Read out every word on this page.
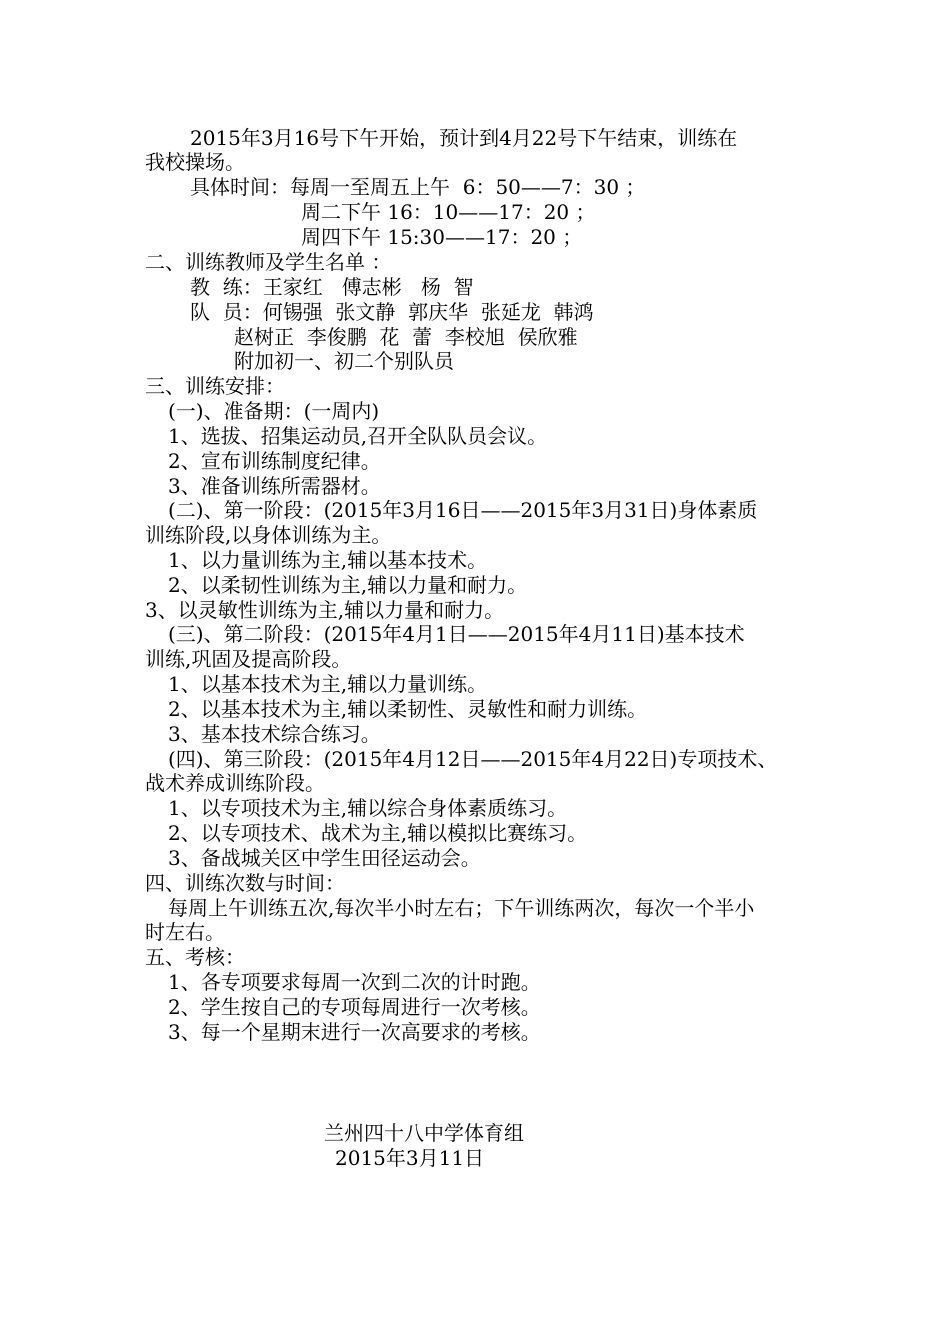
2015年3月16号下午开始，预计到4月22号下午结束，训练在
我校操场。
具体时间：每周一至周五上午  6：50——7：30 ；
周二下午 16：10——17：20 ；
周四下午 15:30——17：20 ；
二、训练教师及学生名单 ：
教  练：王家红   傅志彬   杨  智
队  员：何锡强  张文静  郭庆华  张延龙  韩鸿
赵树正  李俊鹏  花  蕾  李校旭  侯欣雅
附加初一、初二个别队员
三、训练安排：
(一)、准备期：(一周内)
1、选拔、招集运动员,召开全队队员会议。
2、宣布训练制度纪律。
3、准备训练所需器材。
(二)、第一阶段：(2015年3月16日——2015年3月31日)身体素质
训练阶段,以身体训练为主。
1、以力量训练为主,辅以基本技术。
2、以柔韧性训练为主,辅以力量和耐力。
3、以灵敏性训练为主,辅以力量和耐力。
(三)、第二阶段：(2015年4月1日——2015年4月11日)基本技术
训练,巩固及提高阶段。
1、以基本技术为主,辅以力量训练。
2、以基本技术为主,辅以柔韧性、灵敏性和耐力训练。
3、基本技术综合练习。
(四)、第三阶段：(2015年4月12日——2015年4月22日)专项技术、
战术养成训练阶段。
1、以专项技术为主,辅以综合身体素质练习。
2、以专项技术、战术为主,辅以模拟比赛练习。
3、备战城关区中学生田径运动会。
四、训练次数与时间：
每周上午训练五次,每次半小时左右；下午训练两次，每次一个半小
时左右。
五、考核：
1、各专项要求每周一次到二次的计时跑。
2、学生按自己的专项每周进行一次考核。
3、每一个星期末进行一次高要求的考核。
兰州四十八中学体育组
2015年3月11日
